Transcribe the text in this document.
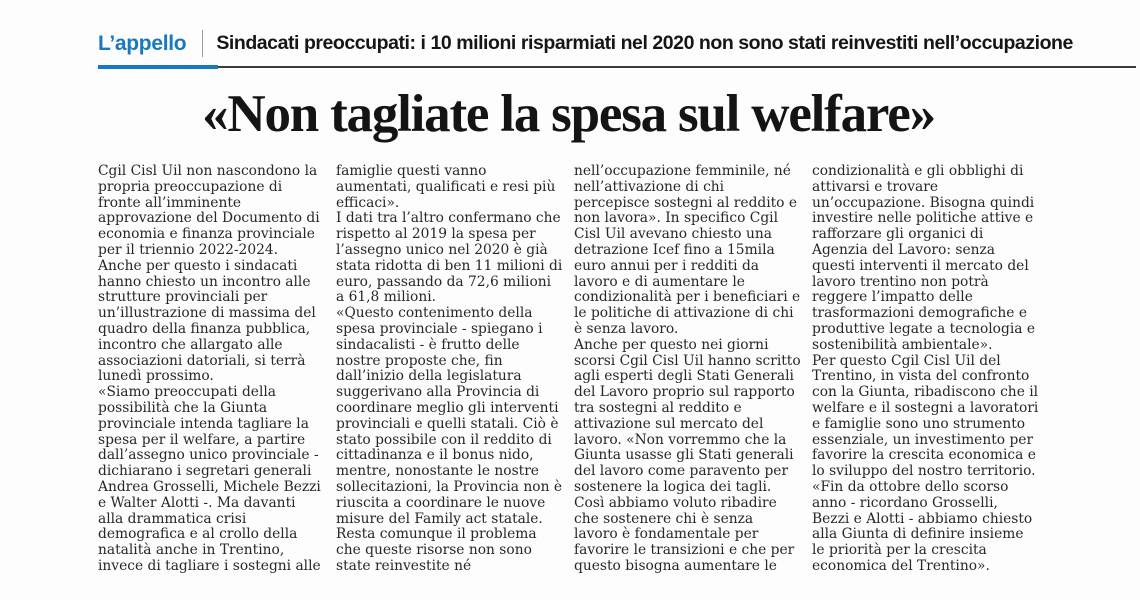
L’appello Sindacati preoccupati: i 10 milioni risparmiati nel 2020 non sono stati reinvestiti nell’occupazione
«Non tagliate la spesa sul welfare»

Cgil Cisl Uil non nascondono la propria preoccupazione di fronte all’imminente approvazione del Documento di economia e finanza provinciale per il triennio 2022-2024. Anche per questo i sindacati hanno chiesto un incontro alle strutture provinciali per un’illustrazione di massima del quadro della finanza pubblica, incontro che allargato alle associazioni datoriali, si terrà lunedì prossimo.

«Siamo preoccupati della possibilità che la Giunta provinciale intenda tagliare la spesa per il welfare, a partire dall’assegno unico provinciale - dichiarano i segretari generali Andrea Grosselli, Michele Bezzi e Walter Alotti -. Ma davanti alla drammatica crisi demografica e al crollo della natalità anche in Trentino, invece di tagliare i sostegni alle

famiglie questi vanno aumentati, qualificati e resi più efficaci».

I dati tra l’altro confermano che rispetto al 2019 la spesa per l’assegno unico nel 2020 è già stata ridotta di ben 11 milioni di euro, passando da 72,6 milioni a 61,8 milioni.

«Questo contenimento della spesa provinciale - spiegano i sindacalisti - è frutto delle nostre proposte che, fin dall’inizio della legislatura suggerivano alla Provincia di coordinare meglio gli interventi provinciali e quelli statali. Ciò è stato possibile con il reddito di cittadinanza e il bonus nido, mentre, nonostante le nostre sollecitazioni, la Provincia non è riuscita a coordinare le nuove misure del Family act statale. Resta comunque il problema che queste risorse non sono state reinvestite né

nell’occupazione femminile, né nell’attivazione di chi percepisce sostegni al reddito e non lavora». In specifico Cgil Cisl Uil avevano chiesto una detrazione Icef fino a 15mila euro annui per i redditi da lavoro e di aumentare le condizionalità per i beneficiari e le politiche di attivazione di chi è senza lavoro.

Anche per questo nei giorni scorsi Cgil Cisl Uil hanno scritto agli esperti degli Stati Generali del Lavoro proprio sul rapporto tra sostegni al reddito e attivazione sul mercato del lavoro. «Non vorremmo che la Giunta usasse gli Stati generali del lavoro come paravento per sostenere la logica dei tagli. Così abbiamo voluto ribadire che sostenere chi è senza lavoro è fondamentale per favorire le transizioni e che per questo bisogna aumentare le

condizionalità e gli obblighi di attivarsi e trovare un’occupazione. Bisogna quindi investire nelle politiche attive e rafforzare gli organici di Agenzia del Lavoro: senza questi interventi il mercato del lavoro trentino non potrà reggere l’impatto delle trasformazioni demografiche e produttive legate a tecnologia e sostenibilità ambientale».

Per questo Cgil Cisl Uil del Trentino, in vista del confronto con la Giunta, ribadiscono che il welfare e il sostegni a lavoratori e famiglie sono uno strumento essenziale, un investimento per favorire la crescita economica e lo sviluppo del nostro territorio.

«Fin da ottobre dello scorso anno - ricordano Grosselli, Bezzi e Alotti - abbiamo chiesto alla Giunta di definire insieme le priorità per la crescita economica del Trentino».
